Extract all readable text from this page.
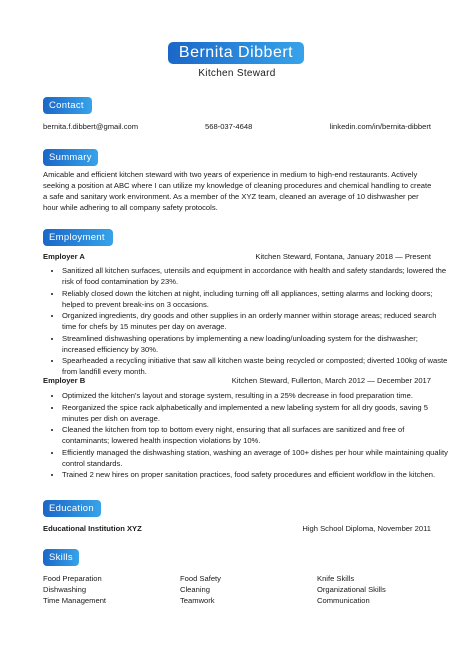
Bernita Dibbert
Kitchen Steward
Contact
bernita.f.dibbert@gmail.com	568-037-4648	linkedin.com/in/bernita-dibbert
Summary
Amicable and efficient kitchen steward with two years of experience in medium to high-end restaurants. Actively seeking a position at ABC where I can utilize my knowledge of cleaning procedures and chemical handling to create a safe and sanitary work environment. As a member of the XYZ team, cleaned an average of 10 dishwasher per hour while adhering to all company safety protocols.
Employment
Employer A	Kitchen Steward, Fontana, January 2018 — Present
• Sanitized all kitchen surfaces, utensils and equipment in accordance with health and safety standards; lowered the risk of food contamination by 23%.
• Reliably closed down the kitchen at night, including turning off all appliances, setting alarms and locking doors; helped to prevent break-ins on 3 occasions.
• Organized ingredients, dry goods and other supplies in an orderly manner within storage areas; reduced search time for chefs by 15 minutes per day on average.
• Streamlined dishwashing operations by implementing a new loading/unloading system for the dishwasher; increased efficiency by 30%.
• Spearheaded a recycling initiative that saw all kitchen waste being recycled or composted; diverted 100kg of waste from landfill every month.
Employer B	Kitchen Steward, Fullerton, March 2012 — December 2017
• Optimized the kitchen's layout and storage system, resulting in a 25% decrease in food preparation time.
• Reorganized the spice rack alphabetically and implemented a new labeling system for all dry goods, saving 5 minutes per dish on average.
• Cleaned the kitchen from top to bottom every night, ensuring that all surfaces are sanitized and free of contaminants; lowered health inspection violations by 10%.
• Efficiently managed the dishwashing station, washing an average of 100+ dishes per hour while maintaining quality control standards.
• Trained 2 new hires on proper sanitation practices, food safety procedures and efficient workflow in the kitchen.
Education
Educational Institution XYZ	High School Diploma, November 2011
Skills
Food Preparation	Food Safety	Knife Skills
Dishwashing	Cleaning	Organizational Skills
Time Management	Teamwork	Communication
